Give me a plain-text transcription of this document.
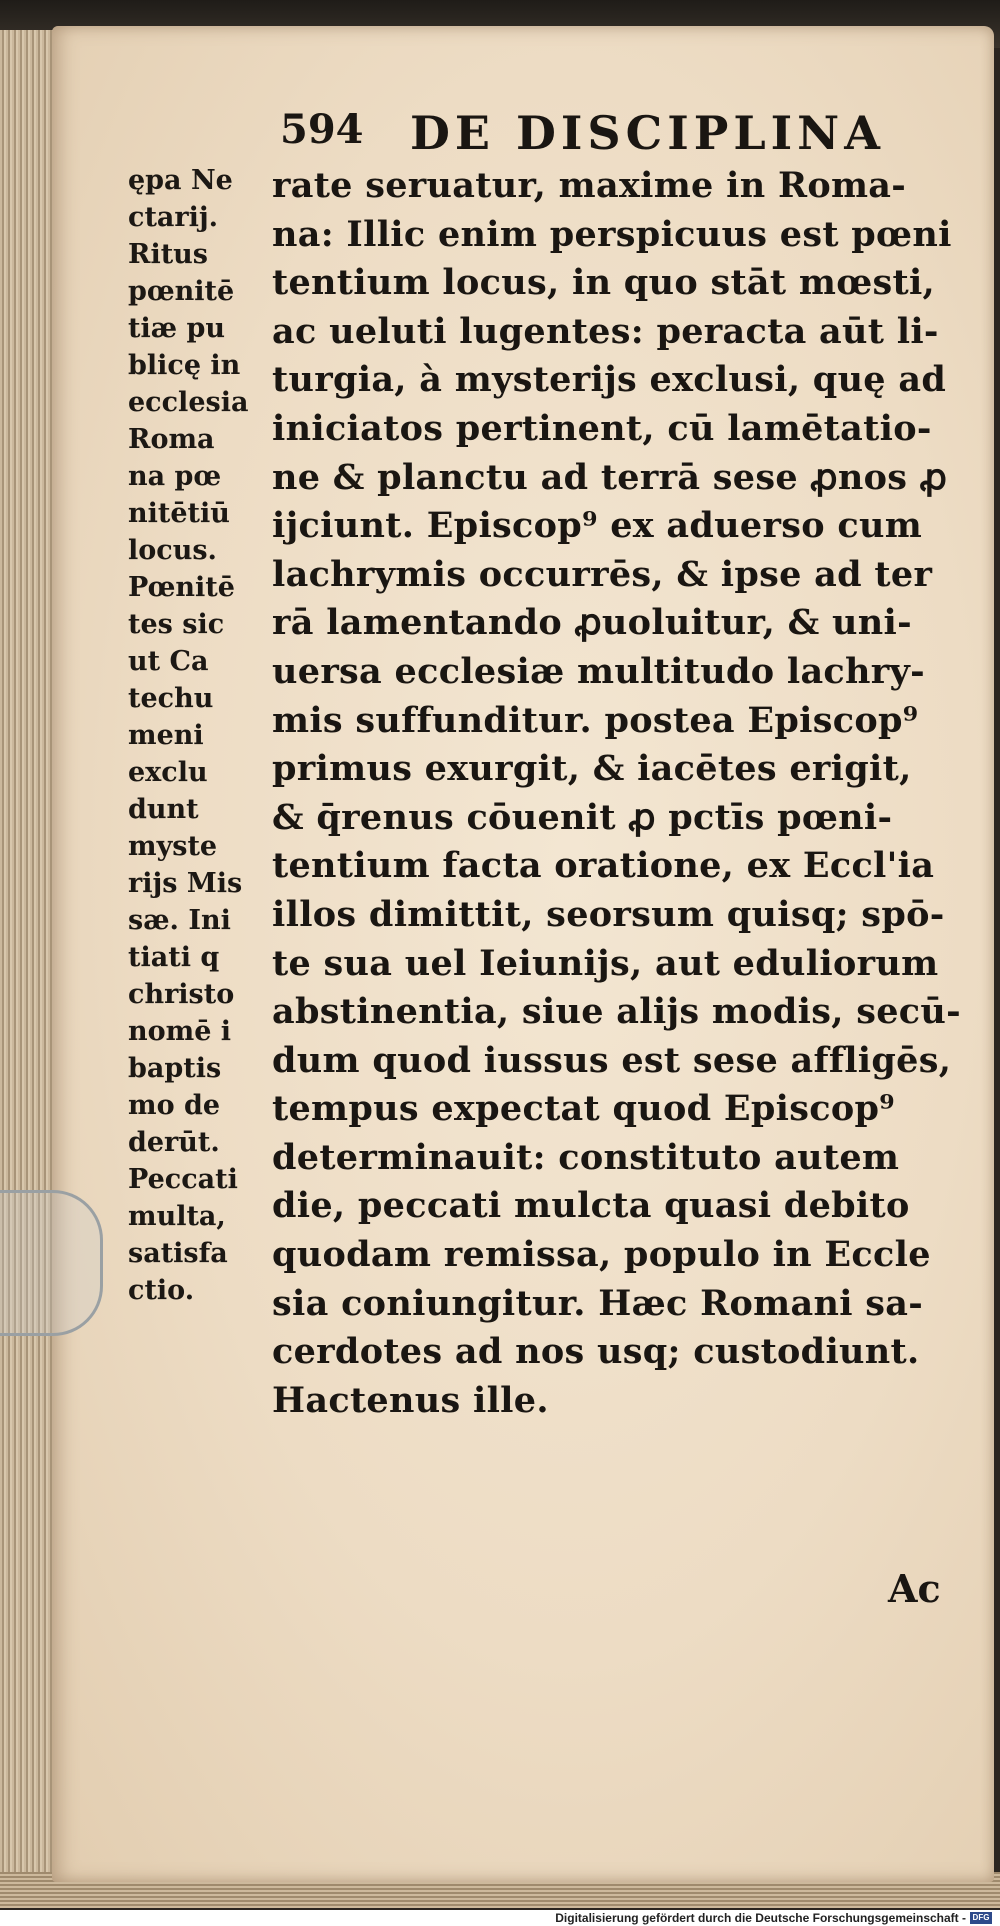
594 DE DISCIPLINA
ępa Ne
ctarij.
Ritus
pœnitē
tiæ pu
blicę in
ecclesia
Roma
na pœ
nitētiū
locus.
Pœnitē
tes sic
ut Ca
techu
meni
exclu
dunt
myste
rijs Mis
sæ. Ini
tiati q
christo
nomē i
baptis
mo de
derūt.
Peccati
multa,
satisfa
ctio.
rate seruatur, maxime in Roma-
na: Illic enim perspicuus est pœni
tentium locus, in quo stāt mœsti,
ac ueluti lugentes: peracta aūt li-
turgia, à mysterijs exclusi, quę ad
iniciatos pertinent, cū lamētatio-
ne & planctu ad terrā sese ꝓnos ꝓ
ijciunt. Episcop⁹ ex aduerso cum
lachrymis occurrēs, & ipse ad ter
rā lamentando ꝓuoluitur, & uni-
uersa ecclesiæ multitudo lachry-
mis suffunditur. postea Episcop⁹
primus exurgit, & iacētes erigit,
& q̄renus cōuenit ꝓ pctīs pœni-
tentium facta oratione, ex Eccl'ia
illos dimittit, seorsum quisq; spō-
te sua uel Ieiunijs, aut eduliorum
abstinentia, siue alijs modis, secū-
dum quod iussus est sese affligēs,
tempus expectat quod Episcop⁹
determinauit: constituto autem
die, peccati mulcta quasi debito
quodam remissa, populo in Eccle
sia coniungitur. Hæc Romani sa-
cerdotes ad nos usq; custodiunt.
Hactenus ille.
Ac
Digitalisierung gefördert durch die Deutsche Forschungsgemeinschaft - DFG
